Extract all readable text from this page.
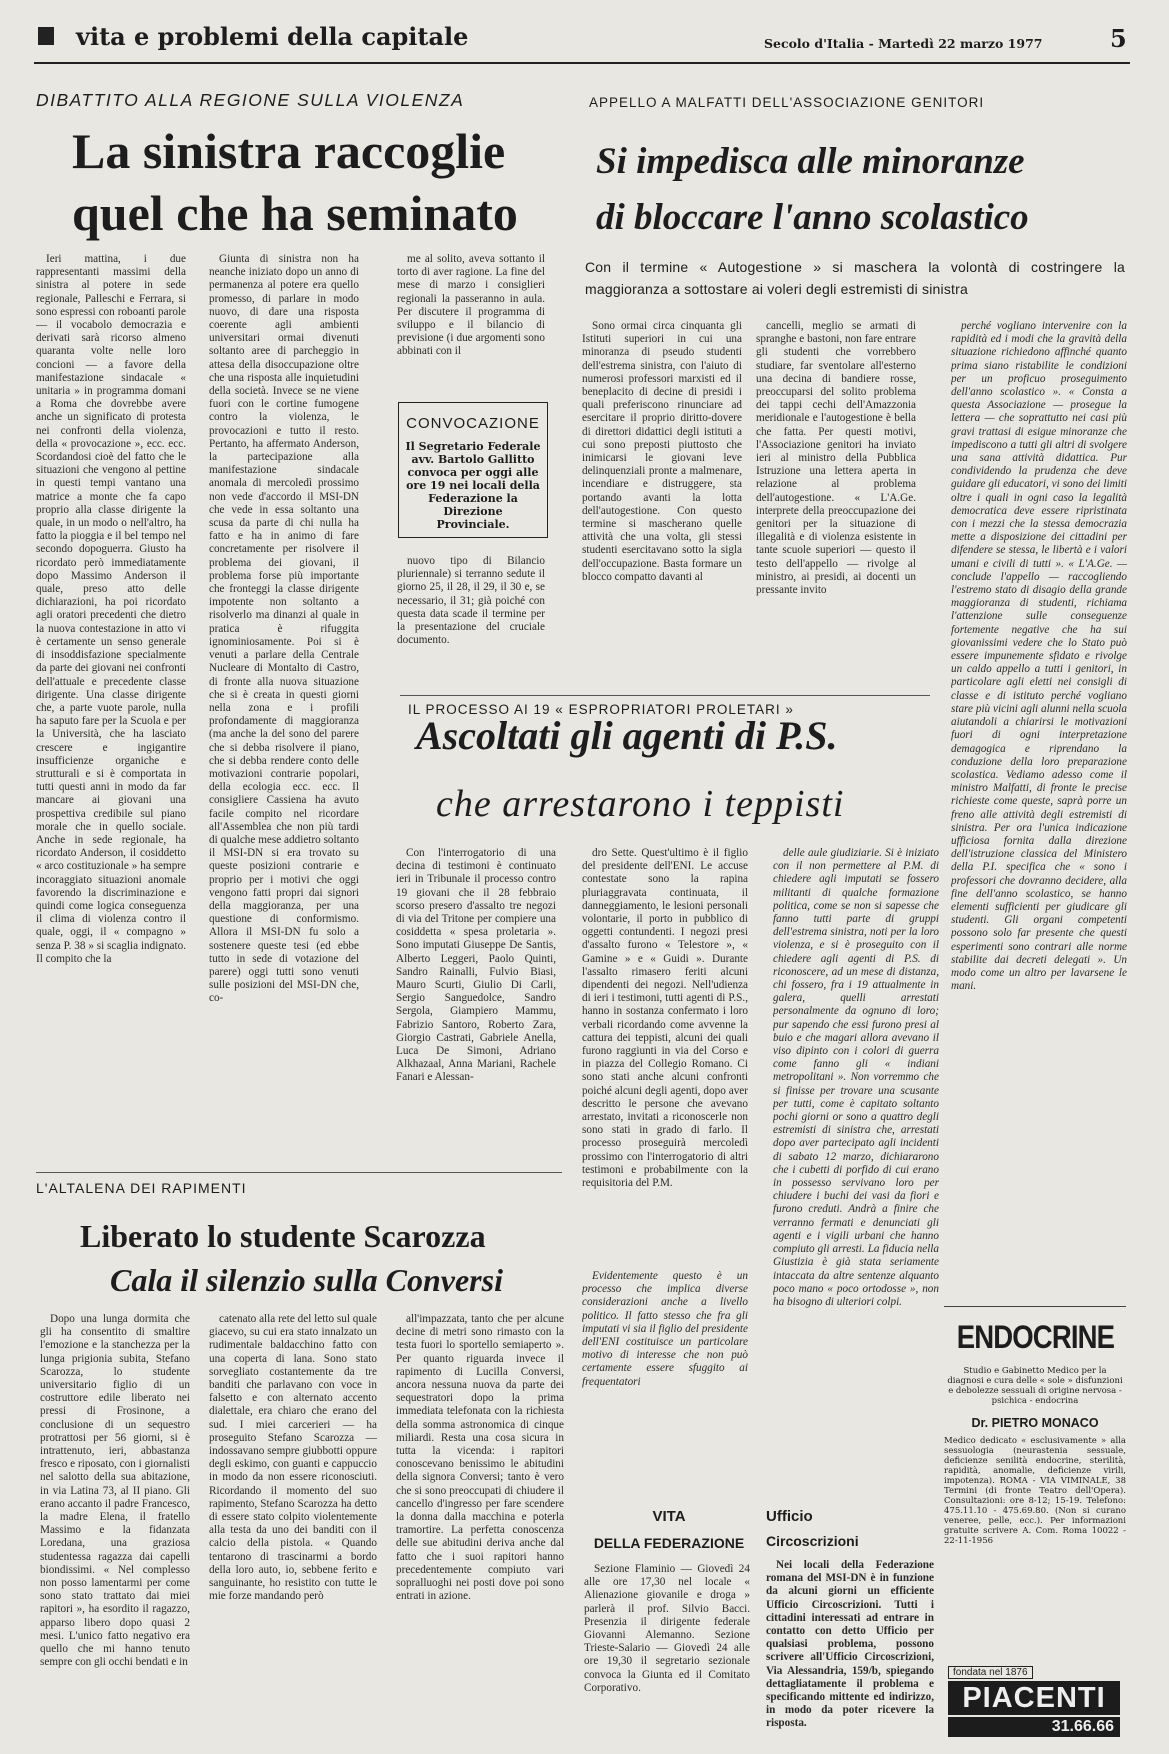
vita e problemi della capitale	Secolo d'Italia - Martedì 22 marzo 1977	5
DIBATTITO ALLA REGIONE SULLA VIOLENZA
La sinistra raccoglie
quel che ha seminato

Ieri mattina, i due rappresentanti massimi della sinistra al potere in sede regionale, Palleschi e Ferrara, si sono espressi con roboanti parole — il vocabolo democrazia e derivati sarà ricorso almeno quaranta volte nelle loro concioni — a favore della manifestazione sindacale « unitaria » in programma domani a Roma che dovrebbe avere anche un significato di protesta nei confronti della violenza, della « provocazione », ecc. ecc. Scordandosi cioè del fatto che le situazioni che vengono al pettine in questi tempi vantano una matrice a monte che fa capo proprio alla classe dirigente la quale, in un modo o nell'altro, ha fatto la pioggia e il bel tempo nel secondo dopoguerra. Giusto ha ricordato però immediatamente dopo Massimo Anderson il quale, preso atto delle dichiarazioni, ha poi ricordato agli oratori precedenti che dietro la nuova contestazione in atto vi è certamente un senso generale di insoddisfazione specialmente da parte dei giovani nei confronti dell'attuale e precedente classe dirigente. Una classe dirigente che, a parte vuote parole, nulla ha saputo fare per la Scuola e per la Università, che ha lasciato crescere e ingigantire insufficienze organiche e strutturali e si è comportata in tutti questi anni in modo da far mancare ai giovani una prospettiva credibile sul piano morale che in quello sociale. Anche in sede regionale, ha ricordato Anderson, il cosiddetto « arco costituzionale » ha sempre incoraggiato situazioni anomale favorendo la discriminazione e quindi come logica conseguenza il clima di violenza contro il quale, oggi, il « compagno » senza P. 38 » si scaglia indignato. Il compito che la

Giunta di sinistra non ha neanche iniziato dopo un anno di permanenza al potere era quello promesso, di parlare in modo nuovo, di dare una risposta coerente agli ambienti universitari ormai divenuti soltanto aree di parcheggio in attesa della disoccupazione oltre che una risposta alle inquietudini della società. Invece se ne viene fuori con le cortine fumogene contro la violenza, le provocazioni e tutto il resto. Pertanto, ha affermato Anderson, la partecipazione alla manifestazione sindacale anomala di mercoledì prossimo non vede d'accordo il MSI-DN che vede in essa soltanto una scusa da parte di chi nulla ha fatto e ha in animo di fare concretamente per risolvere il problema dei giovani, il problema forse più importante che fronteggi la classe dirigente impotente non soltanto a risolverlo ma dinanzi al quale in pratica è rifuggita ignominiosamente. Poi si è venuti a parlare della Centrale Nucleare di Montalto di Castro, di fronte alla nuova situazione che si è creata in questi giorni nella zona e i profili profondamente di maggioranza (ma anche la del sono del parere che si debba risolvere il piano, che si debba rendere conto delle motivazioni contrarie popolari, della ecologia ecc. ecc. Il consigliere Cassiena ha avuto facile compito nel ricordare all'Assemblea che non più tardi di qualche mese addietro soltanto il MSI-DN si era trovato su queste posizioni contrarie e proprio per i motivi che oggi vengono fatti propri dai signori della maggioranza, per una questione di conformismo. Allora il MSI-DN fu solo a sostenere queste tesi (ed ebbe tutto in sede di votazione del parere) oggi tutti sono venuti sulle posizioni del MSI-DN che, co-

me al solito, aveva sottanto il torto di aver ragione. La fine del mese di marzo i consiglieri regionali la passeranno in aula. Per discutere il programma di sviluppo e il bilancio di previsione (i due argomenti sono abbinati con il

CONVOCAZIONE
Il Segretario Federale avv. Bartolo Gallitto convoca per oggi alle ore 19 nei locali della Federazione la Direzione Provinciale.

nuovo tipo di Bilancio pluriennale) si terranno sedute il giorno 25, il 28, il 29, il 30 e, se necessario, il 31; già poiché con questa data scade il termine per la presentazione del cruciale documento.

APPELLO A MALFATTI DELL'ASSOCIAZIONE GENITORI
Si impedisca alle minoranze
di bloccare l'anno scolastico
Con il termine « Autogestione » si maschera la volontà di costringere la maggioranza a sottostare ai voleri degli estremisti di sinistra

Sono ormai circa cinquanta gli Istituti superiori in cui una minoranza di pseudo studenti dell'estrema sinistra, con l'aiuto di numerosi professori marxisti ed il beneplacito di decine di presidi i quali preferiscono rinunciare ad esercitare il proprio diritto-dovere di direttori didattici degli istituti a cui sono preposti piuttosto che inimicarsi le giovani leve delinquenziali pronte a malmenare, incendiare e distruggere, sta portando avanti la lotta dell'autogestione. Con questo termine si mascherano quelle attività che una volta, gli stessi studenti esercitavano sotto la sigla dell'occupazione. Basta formare un blocco compatto davanti al

cancelli, meglio se armati di spranghe e bastoni, non fare entrare gli studenti che vorrebbero studiare, far sventolare all'esterno una decina di bandiere rosse, preoccuparsi del solito problema dei tappi cechi dell'Amazzonia meridionale e l'autogestione è bella che fatta. Per questi motivi, l'Associazione genitori ha inviato ieri al ministro della Pubblica Istruzione una lettera aperta in relazione al problema dell'autogestione. « L'A.Ge. interprete della preoccupazione dei genitori per la situazione di illegalità e di violenza esistente in tante scuole superiori — questo il testo dell'appello — rivolge al ministro, ai presidi, ai docenti un pressante invito

perché vogliano intervenire con la rapidità ed i modi che la gravità della situazione richiedono affinché quanto prima siano ristabilite le condizioni per un proficuo proseguimento dell'anno scolastico ». « Consta a questa Associazione — prosegue la lettera — che soprattutto nei casi più gravi trattasi di esigue minoranze che impediscono a tutti gli altri di svolgere una sana attività didattica. Pur condividendo la prudenza che deve guidare gli educatori, vi sono dei limiti oltre i quali in ogni caso la legalità democratica deve essere ripristinata con i mezzi che la stessa democrazia mette a disposizione dei cittadini per difendere se stessa, le libertà e i valori umani e civili di tutti ». « L'A.Ge. — conclude l'appello — raccogliendo l'estremo stato di disagio della grande maggioranza di studenti, richiama l'attenzione sulle conseguenze fortemente negative che ha sui giovanissimi vedere che lo Stato può essere impunemente sfidato e rivolge un caldo appello a tutti i genitori, in particolare agli eletti nei consigli di classe e di istituto perché vogliano stare più vicini agli alunni nella scuola aiutandoli a chiarirsi le motivazioni fuori di ogni interpretazione demagogica e riprendano la conduzione della loro preparazione scolastica. Vediamo adesso come il ministro Malfatti, di fronte le precise richieste come queste, saprà porre un freno alle attività degli estremisti di sinistra. Per ora l'unica indicazione ufficiosa fornita dalla direzione dell'istruzione classica del Ministero della P.I. specifica che « sono i professori che dovranno decidere, alla fine dell'anno scolastico, se hanno elementi sufficienti per giudicare gli studenti. Gli organi competenti possono solo far presente che questi esperimenti sono contrari alle norme stabilite dai decreti delegati ». Un modo come un altro per lavarsene le mani.

IL PROCESSO AI 19 « ESPROPRIATORI PROLETARI »
Ascoltati gli agenti di P.S.
che arrestarono i teppisti

Con l'interrogatorio di una decina di testimoni è continuato ieri in Tribunale il processo contro 19 giovani che il 28 febbraio scorso presero d'assalto tre negozi di via del Tritone per compiere una cosiddetta « spesa proletaria ». Sono imputati Giuseppe De Santis, Alberto Leggeri, Paolo Quinti, Sandro Rainalli, Fulvio Biasi, Mauro Scurti, Giulio Di Carli, Sergio Sanguedolce, Sandro Sergola, Giampiero Mammu, Fabrizio Santoro, Roberto Zara, Giorgio Castrati, Gabriele Anella, Luca De Simoni, Adriano Alkhazaal, Anna Mariani, Rachele Fanari e Alessan-

dro Sette. Quest'ultimo è il figlio del presidente dell'ENI. Le accuse contestate sono la rapina pluriaggravata continuata, il danneggiamento, le lesioni personali volontarie, il porto in pubblico di oggetti contundenti. I negozi presi d'assalto furono « Telestore », « Gamine » e « Guidi ». Durante l'assalto rimasero feriti alcuni dipendenti dei negozi. Nell'udienza di ieri i testimoni, tutti agenti di P.S., hanno in sostanza confermato i loro verbali ricordando come avvenne la cattura dei teppisti, alcuni dei quali furono raggiunti in via del Corso e in piazza del Collegio Romano. Ci sono stati anche alcuni confronti poiché alcuni degli agenti, dopo aver descritto le persone che avevano arrestato, invitati a riconoscerle non sono stati in grado di farlo. Il processo proseguirà mercoledì prossimo con l'interrogatorio di altri testimoni e probabilmente con la requisitoria del P.M.

Evidentemente questo è un processo che implica diverse considerazioni anche a livello politico. Il fatto stesso che fra gli imputati vi sia il figlio del presidente dell'ENI costituisce un particolare motivo di interesse che non può certamente essere sfuggito ai frequentatori

delle aule giudiziarie. Si è iniziato con il non permettere al P.M. di chiedere agli imputati se fossero militanti di qualche formazione politica, come se non si sapesse che fanno tutti parte di gruppi dell'estrema sinistra, noti per la loro violenza, e si è proseguito con il chiedere agli agenti di P.S. di riconoscere, ad un mese di distanza, chi fossero, fra i 19 attualmente in galera, quelli arrestati personalmente da ognuno di loro; pur sapendo che essi furono presi al buio e che magari allora avevano il viso dipinto con i colori di guerra come fanno gli « indiani metropolitani ». Non vorremmo che si finisse per trovare una scusante per tutti, come è capitato soltanto pochi giorni or sono a quattro degli estremisti di sinistra che, arrestati dopo aver partecipato agli incidenti di sabato 12 marzo, dichiararono che i cubetti di porfido di cui erano in possesso servivano loro per chiudere i buchi dei vasi da fiori e furono creduti. Andrà a finire che verranno fermati e denunciati gli agenti e i vigili urbani che hanno compiuto gli arresti. La fiducia nella Giustizia è già stata seriamente intaccata da altre sentenze alquanto poco mano « poco ortodosse », non ha bisogno di ulteriori colpi.

L'ALTALENA DEI RAPIMENTI
Liberato lo studente Scarozza
Cala il silenzio sulla Conversi

Dopo una lunga dormita che gli ha consentito di smaltire l'emozione e la stanchezza per la lunga prigionia subita, Stefano Scarozza, lo studente universitario figlio di un costruttore edile liberato nei pressi di Frosinone, a conclusione di un sequestro protrattosi per 56 giorni, si è intrattenuto, ieri, abbastanza fresco e riposato, con i giornalisti nel salotto della sua abitazione, in via Latina 73, al II piano. Gli erano accanto il padre Francesco, la madre Elena, il fratello Massimo e la fidanzata Loredana, una graziosa studentessa ragazza dai capelli biondissimi. « Nel complesso non posso lamentarmi per come sono stato trattato dai miei rapitori », ha esordito il ragazzo, apparso libero dopo quasi 2 mesi. L'unico fatto negativo era quello che mi hanno tenuto sempre con gli occhi bendati e in

catenato alla rete del letto sul quale giacevo, su cui era stato innalzato un rudimentale baldacchino fatto con una coperta di lana. Sono stato sorvegliato costantemente da tre banditi che parlavano con voce in falsetto e con alternato accento dialettale, era chiaro che erano del sud. I miei carcerieri — ha proseguito Stefano Scarozza — indossavano sempre giubbotti oppure degli eskimo, con guanti e cappuccio in modo da non essere riconosciuti. Ricordando il momento del suo rapimento, Stefano Scarozza ha detto di essere stato colpito violentemente alla testa da uno dei banditi con il calcio della pistola. « Quando tentarono di trascinarmi a bordo della loro auto, io, sebbene ferito e sanguinante, ho resistito con tutte le mie forze mandando però

all'impazzata, tanto che per alcune decine di metri sono rimasto con la testa fuori lo sportello semiaperto ». Per quanto riguarda invece il rapimento di Lucilla Conversi, ancora nessuna nuova da parte dei sequestratori dopo la prima immediata telefonata con la richiesta della somma astronomica di cinque miliardi. Resta una cosa sicura in tutta la vicenda: i rapitori conoscevano benissimo le abitudini della signora Conversi; tanto è vero che si sono preoccupati di chiudere il cancello d'ingresso per fare scendere la donna dalla macchina e poterla tramortire. La perfetta conoscenza delle sue abitudini deriva anche dal fatto che i suoi rapitori hanno precedentemente compiuto vari sopralluoghi nei posti dove poi sono entrati in azione.

VITA
DELLA FEDERAZIONE

Sezione Flaminio — Giovedì 24 alle ore 17,30 nel locale « Alienazione giovanile e droga » parlerà il prof. Silvio Bacci. Presenzia il dirigente federale Giovanni Alemanno. Sezione Trieste-Salario — Giovedì 24 alle ore 19,30 il segretario sezionale convoca la Giunta ed il Comitato Corporativo.

Ufficio
Circoscrizioni

Nei locali della Federazione romana del MSI-DN è in funzione da alcuni giorni un efficiente Ufficio Circoscrizioni. Tutti i cittadini interessati ad entrare in contatto con detto Ufficio per qualsiasi problema, possono scrivere all'Ufficio Circoscrizioni, Via Alessandria, 159/b, spiegando dettagliatamente il problema e specificando mittente ed indirizzo, in modo da poter ricevere la risposta.

ENDOCRINE
Studio e Gabinetto Medico per la diagnosi e cura delle « sole » disfunzioni e debolezze sessuali di origine nervosa - psichica - endocrina
Dr. PIETRO MONACO
Medico dedicato « esclusivamente » alla sessuologia (neurastenia sessuale, deficienze senilità endocrine, sterilità, rapidità, anomalie, deficienze virili, impotenza). ROMA - VIA VIMINALE, 38 Termini (di fronte Teatro dell'Opera). Consultazioni: ore 8-12; 15-19. Telefono: 475.11.10 - 475.69.80. (Non si curano veneree, pelle, ecc.). Per informazioni gratuite scrivere A. Com. Roma 10022 - 22-11-1956
fondata nel 1876
PIACENTI
31.66.66
